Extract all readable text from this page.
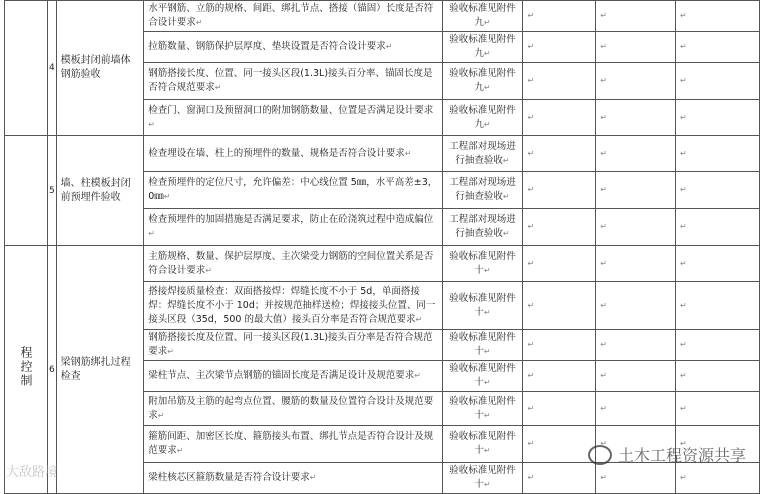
	4	模板封闭前墙体钢筋验收	水平钢筋、立筋的规格、间距、绑扎节点、搭接（锚固）长度是否符合设计要求↵	验收标准见附件九↵	↵	↵	↵
			拉筋数量、钢筋保护层厚度、垫块设置是否符合设计要求↵	验收标准见附件九↵	↵	↵	↵
			钢筋搭接长度、位置、同一接头区段(1.3L)接头百分率、锚固长度是否符合规范要求↵	验收标准见附件九↵	↵	↵	↵
			检查门、窗洞口及预留洞口的附加钢筋数量、位置是否满足设计要求↵	验收标准见附件九↵	↵	↵	↵
	5	墙、柱模板封闭前预埋件验收	检查埋设在墙、柱上的预埋件的数量、规格是否符合设计要求↵	工程部对现场进行抽查验收↵	↵	↵	↵
			检查预埋件的定位尺寸，允许偏差：中心线位置 5㎜，水平高差±3，0㎜↵	工程部对现场进行抽查验收↵	↵	↵	↵
			检查预埋件的加固措施是否满足要求，防止在砼浇筑过程中造成偏位↵	工程部对现场进行抽查验收↵	↵	↵	↵
程控制	6	梁钢筋绑扎过程检查	主筋规格、数量、保护层厚度、主次梁受力钢筋的空间位置关系是否符合设计要求↵	验收标准见附件十↵	↵	↵	↵
			搭接焊接质量检查：双面搭接焊：焊缝长度不小于 5d，单面搭接焊：焊缝长度不小于 10d；并按规范抽样送检；焊接接头位置、同一接头区段（35d，500 的最大值）接头百分率是否符合规范要求↵	验收标准见附件十↵	↵	↵	↵
			钢筋搭接长度及位置、同一接头区段(1.3L)接头百分率是否符合规范要求↵	验收标准见附件十↵	↵	↵	↵
			梁柱节点、主次梁节点钢筋的锚固长度是否满足设计及规范要求↵	验收标准见附件十↵	↵	↵	↵
			附加吊筋及主筋的起弯点位置、腰筋的数量及位置符合设计及规范要求↵	验收标准见附件十↵	↵	↵	↵
			箍筋间距、加密区长度、箍筋接头布置、绑扎节点是否符合设计及规范要求↵	验收标准见附件十↵	↵	↵	↵
			梁柱核芯区箍筋数量是否符合设计要求↵	验收标准见附件十↵	↵	↵	↵
土木工程资源共享
大敌路境
